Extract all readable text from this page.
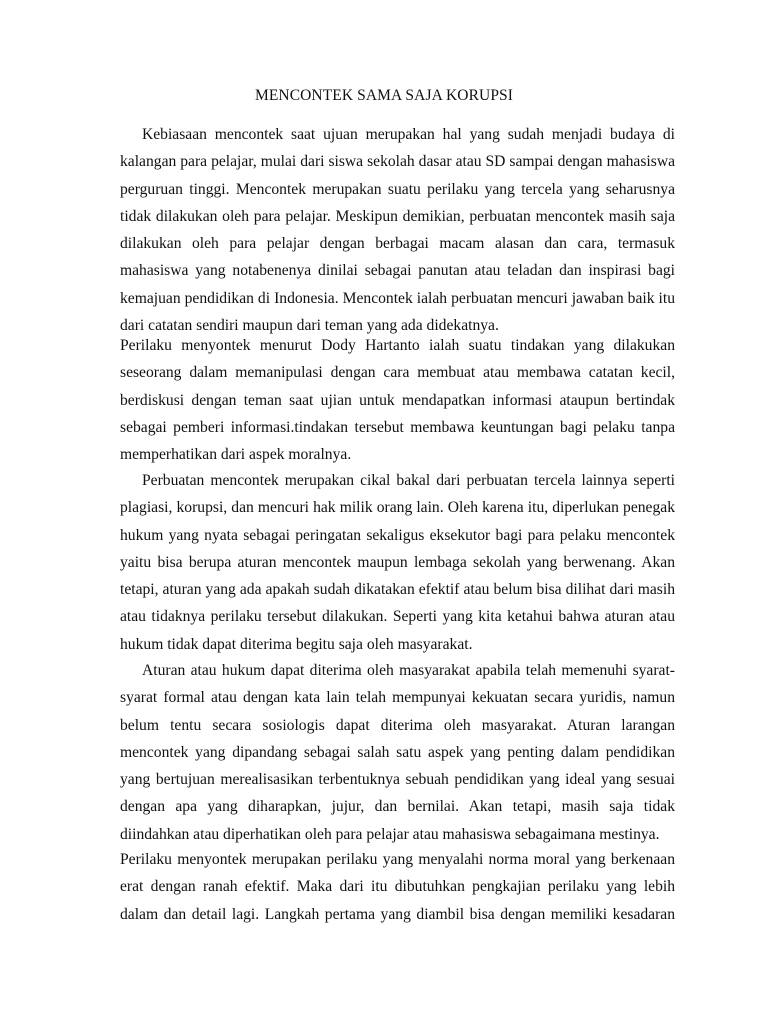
MENCONTEK SAMA SAJA KORUPSI

Kebiasaan mencontek saat ujuan merupakan hal yang sudah menjadi budaya di kalangan para pelajar, mulai dari siswa sekolah dasar atau SD sampai dengan mahasiswa perguruan tinggi. Mencontek merupakan suatu perilaku yang tercela yang seharusnya tidak dilakukan oleh para pelajar. Meskipun demikian, perbuatan mencontek masih saja dilakukan oleh para pelajar dengan berbagai macam alasan dan cara, termasuk mahasiswa yang notabenenya dinilai sebagai panutan atau teladan dan inspirasi bagi kemajuan pendidikan di Indonesia. Mencontek ialah perbuatan mencuri jawaban baik itu dari catatan sendiri maupun dari teman yang ada didekatnya.

Perilaku menyontek menurut Dody Hartanto ialah suatu tindakan yang dilakukan seseorang dalam memanipulasi dengan cara membuat atau membawa catatan kecil, berdiskusi dengan teman saat ujian untuk mendapatkan informasi ataupun bertindak sebagai pemberi informasi.tindakan tersebut membawa keuntungan bagi pelaku tanpa memperhatikan dari aspek moralnya.

Perbuatan mencontek merupakan cikal bakal dari perbuatan tercela lainnya seperti plagiasi, korupsi, dan mencuri hak milik orang lain. Oleh karena itu, diperlukan penegak hukum yang nyata sebagai peringatan sekaligus eksekutor bagi para pelaku mencontek yaitu bisa berupa aturan mencontek maupun lembaga sekolah yang berwenang. Akan tetapi, aturan yang ada apakah sudah dikatakan efektif atau belum bisa dilihat dari masih atau tidaknya perilaku tersebut dilakukan. Seperti yang kita ketahui bahwa aturan atau hukum tidak dapat diterima begitu saja oleh masyarakat.

Aturan atau hukum dapat diterima oleh masyarakat apabila telah memenuhi syarat-syarat formal atau dengan kata lain telah mempunyai kekuatan secara yuridis, namun belum tentu secara sosiologis dapat diterima oleh masyarakat. Aturan larangan mencontek yang dipandang sebagai salah satu aspek yang penting dalam pendidikan yang bertujuan merealisasikan terbentuknya sebuah pendidikan yang ideal yang sesuai dengan apa yang diharapkan, jujur, dan bernilai. Akan tetapi, masih saja tidak diindahkan atau diperhatikan oleh para pelajar atau mahasiswa sebagaimana mestinya.

Perilaku menyontek merupakan perilaku yang menyalahi norma moral yang berkenaan erat dengan ranah efektif. Maka dari itu dibutuhkan pengkajian perilaku yang lebih dalam dan detail lagi. Langkah pertama yang diambil bisa dengan memiliki kesadaran
